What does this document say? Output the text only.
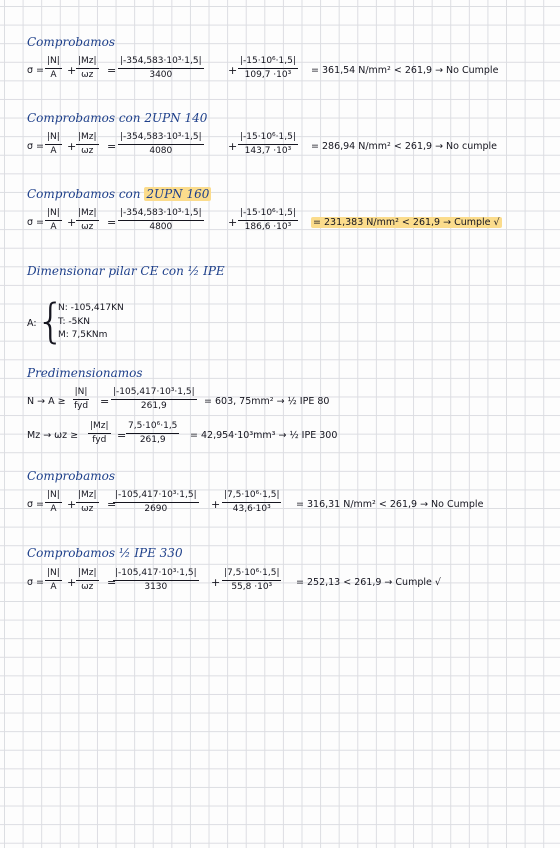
Comprobamos
$\sigma = \frac{|N|}{A} + \frac{|Mz|}{\omega z} = \frac{\text{|-354,583·10³·1,5|}}{3400} + \frac{\text{|-15·10⁶·1,5|}}{\text{109,7 ·10³}} = 361,54$ N/mm² < 261,9 → No Cumple
Comprobamos con 2UPN 140
$\sigma = \frac{|N|}{A} + \frac{|Mz|}{\omega z} = \frac{\text{|-354,583·10³·1,5|}}{4080} + \frac{\text{|-15·10⁶·1,5|}}{\text{143,7 ·10³}} = 286,94$ N/mm² < 261,9 → No cumple
Comprobamos con 2UPN 160
$\sigma = \frac{|N|}{A} + \frac{|Mz|}{\omega z} = \frac{\text{|-354,583·10³·1,5|}}{4800} + \frac{\text{|-15·10⁶·1,5|}}{\text{186,6 ·10³}} = 231,383$ N/mm² < 261,9 → Cumple √
Dimensionar pilar CE con ½ IPE
A: {
N: -105,417KN
T: -5KN
M: 7,5KNm
Predimensionamos
N → A ≥
|N|
fyd = $\frac{\text{|-105,417·10³·1,5|}}{261,9} = 603$, 75mm² → ½ IPE 80
Mz → ωz ≥
|Mz|
fyd = $\frac{\text{7,5·10⁶·1,5}}{261,9} = 42,954\cdot 10^3mm^3$ → ½ IPE 300
Comprobamos
$\sigma = \frac{|N|}{A} + \frac{|Mz|}{\omega z}$ =
$\frac{\text{|-105,417·10³·1,5|}}{2690} + \frac{\text{|7,5·10⁶·1,5|}}{\text{43,6·10³}} = 316,31$ N/mm² < 261,9 → No Cumple
Comprobamos ½ IPE 330
$\sigma = \frac{|N|}{A} + \frac{|Mz|}{\omega z}$ =
$\frac{\text{|-105,417·10³·1,5|}}{3130} + \frac{\text{|7,5·10⁶·1,5|}}{\text{55,8 ·10³}} = 252,13 < 261,9$ → Cumple √
